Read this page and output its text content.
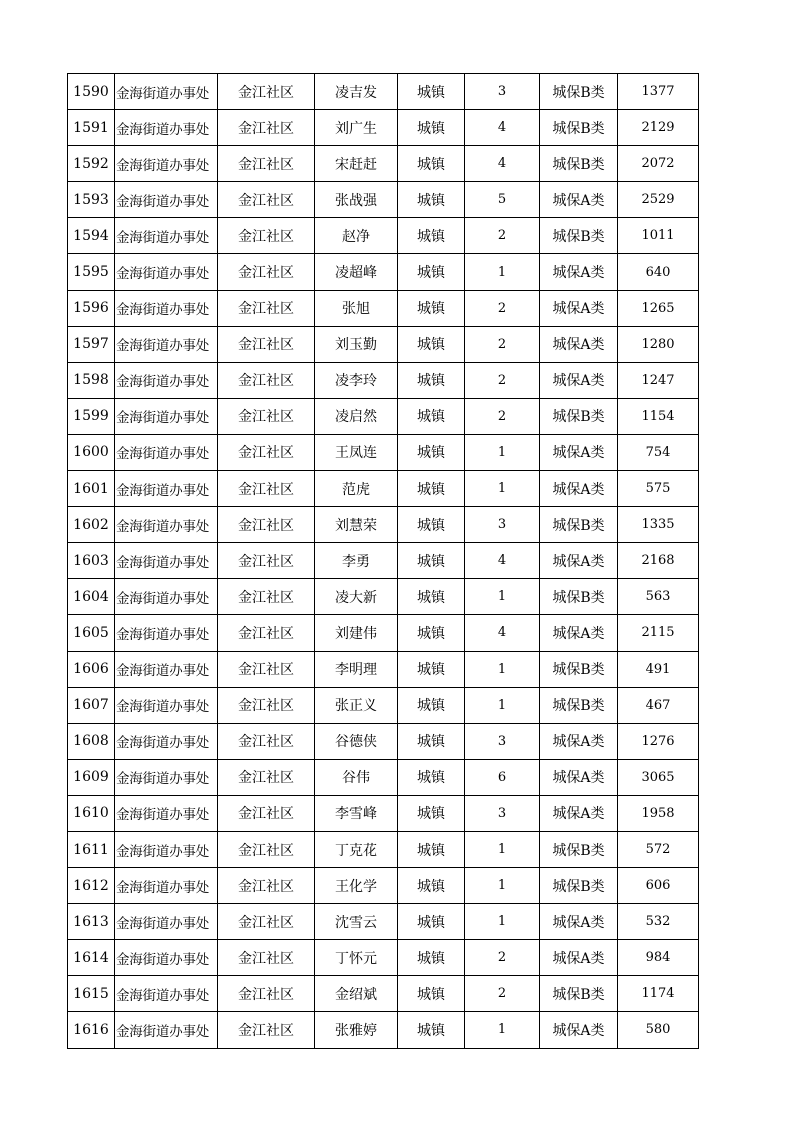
1590	金海街道办事处	金江社区	凌吉发	城镇	3	城保B类	1377
1591	金海街道办事处	金江社区	刘广生	城镇	4	城保B类	2129
1592	金海街道办事处	金江社区	宋赶赶	城镇	4	城保B类	2072
1593	金海街道办事处	金江社区	张战强	城镇	5	城保A类	2529
1594	金海街道办事处	金江社区	赵净	城镇	2	城保B类	1011
1595	金海街道办事处	金江社区	凌超峰	城镇	1	城保A类	640
1596	金海街道办事处	金江社区	张旭	城镇	2	城保A类	1265
1597	金海街道办事处	金江社区	刘玉勤	城镇	2	城保A类	1280
1598	金海街道办事处	金江社区	凌李玲	城镇	2	城保A类	1247
1599	金海街道办事处	金江社区	凌启然	城镇	2	城保B类	1154
1600	金海街道办事处	金江社区	王凤连	城镇	1	城保A类	754
1601	金海街道办事处	金江社区	范虎	城镇	1	城保A类	575
1602	金海街道办事处	金江社区	刘慧荣	城镇	3	城保B类	1335
1603	金海街道办事处	金江社区	李勇	城镇	4	城保A类	2168
1604	金海街道办事处	金江社区	凌大新	城镇	1	城保B类	563
1605	金海街道办事处	金江社区	刘建伟	城镇	4	城保A类	2115
1606	金海街道办事处	金江社区	李明理	城镇	1	城保B类	491
1607	金海街道办事处	金江社区	张正义	城镇	1	城保B类	467
1608	金海街道办事处	金江社区	谷德侠	城镇	3	城保A类	1276
1609	金海街道办事处	金江社区	谷伟	城镇	6	城保A类	3065
1610	金海街道办事处	金江社区	李雪峰	城镇	3	城保A类	1958
1611	金海街道办事处	金江社区	丁克花	城镇	1	城保B类	572
1612	金海街道办事处	金江社区	王化学	城镇	1	城保B类	606
1613	金海街道办事处	金江社区	沈雪云	城镇	1	城保A类	532
1614	金海街道办事处	金江社区	丁怀元	城镇	2	城保A类	984
1615	金海街道办事处	金江社区	金绍斌	城镇	2	城保B类	1174
1616	金海街道办事处	金江社区	张雅婷	城镇	1	城保A类	580
